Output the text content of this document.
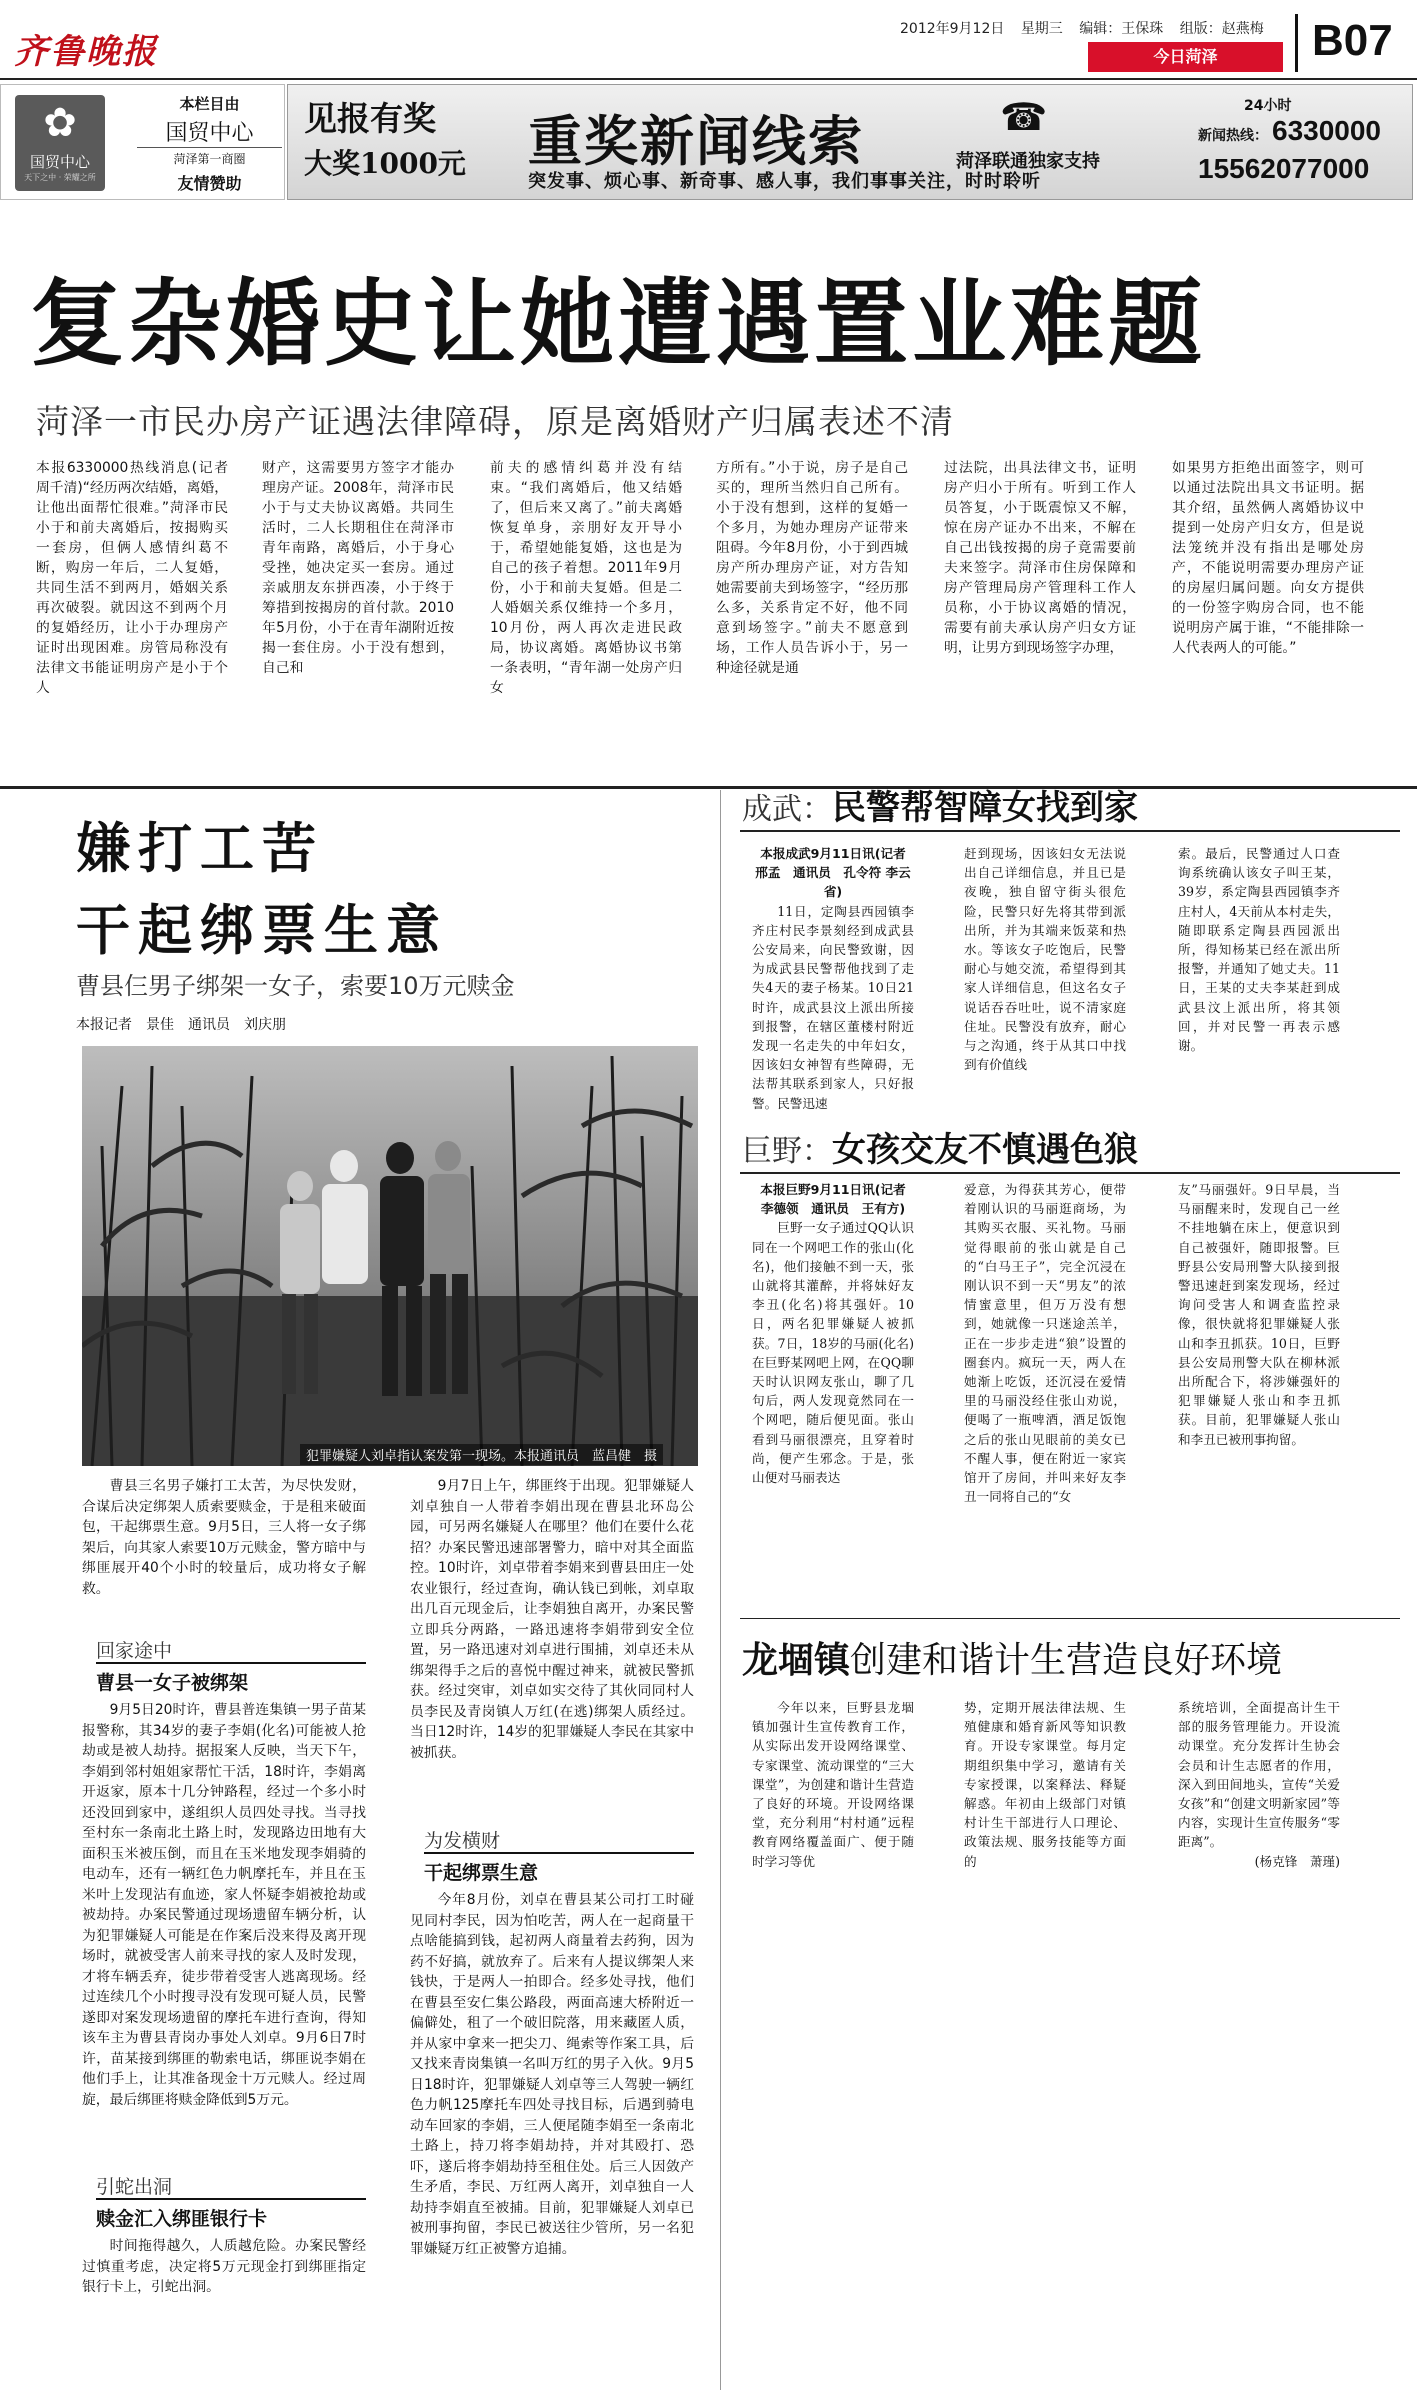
齐鲁晚报
2012年9月12日 星期三 编辑：王保珠 组版：赵燕梅
今日菏泽	B07
✿
国贸中心
天下之中 · 荣耀之所
本栏目由
国贸中心
菏泽第一商圈
友情赞助
见报有奖
大奖1000元	重奖新闻线索
突发事、烦心事、新奇事、感人事，我们事事关注，时时聆听
☎
菏泽联通独家支持
24小时
新闻热线： 6330000
15562077000
复杂婚史让她遭遇置业难题
菏泽一市民办房产证遇法律障碍，原是离婚财产归属表述不清
本报6330000热线消息(记者 周千清)“经历两次结婚，离婚，让他出面帮忙很难。”菏泽市民小于和前夫离婚后，按揭购买一套房，但俩人感情纠葛不断，购房一年后，二人复婚，共同生活不到两月，婚姻关系再次破裂。就因这不到两个月的复婚经历，让小于办理房产证时出现困难。房管局称没有法律文书能证明房产是小于个人
财产，这需要男方签字才能办理房产证。2008年，菏泽市民小于与丈夫协议离婚。共同生活时，二人长期租住在菏泽市青年南路，离婚后，小于身心受挫，她决定买一套房。通过亲戚朋友东拼西凑，小于终于筹措到按揭房的首付款。2010年5月份，小于在青年湖附近按揭一套住房。小于没有想到，自己和
前夫的感情纠葛并没有结束。“我们离婚后，他又结婚了，但后来又离了。”前夫离婚恢复单身，亲朋好友开导小于，希望她能复婚，这也是为自己的孩子着想。2011年9月份，小于和前夫复婚。但是二人婚姻关系仅维持一个多月，10月份，两人再次走进民政局，协议离婚。离婚协议书第一条表明，“青年湖一处房产归女
方所有。”小于说，房子是自己买的，理所当然归自己所有。小于没有想到，这样的复婚一个多月，为她办理房产证带来阻碍。今年8月份，小于到西城房产所办理房产证，对方告知她需要前夫到场签字，“经历那么多，关系肯定不好，他不同意到场签字。”前夫不愿意到场，工作人员告诉小于，另一种途径就是通
过法院，出具法律文书，证明房产归小于所有。听到工作人员答复，小于既震惊又不解，惊在房产证办不出来，不解在自己出钱按揭的房子竟需要前夫来签字。菏泽市住房保障和房产管理局房产管理科工作人员称，小于协议离婚的情况，需要有前夫承认房产归女方证明，让男方到现场签字办理，
如果男方拒绝出面签字，则可以通过法院出具文书证明。据其介绍，虽然俩人离婚协议中提到一处房产归女方，但是说法笼统并没有指出是哪处房产，不能说明需要办理房产证的房屋归属问题。向女方提供的一份签字购房合同，也不能说明房产属于谁，“不能排除一人代表两人的可能。”
嫌打工苦
干起绑票生意
曹县仨男子绑架一女子，索要10万元赎金
本报记者　景佳　通讯员　刘庆朋
犯罪嫌疑人刘卓指认案发第一现场。本报通讯员　蓝昌健　摄

曹县三名男子嫌打工太苦，为尽快发财，合谋后决定绑架人质索要赎金，于是租来破面包，干起绑票生意。9月5日，三人将一女子绑架后，向其家人索要10万元赎金，警方暗中与绑匪展开40个小时的较量后，成功将女子解救。

回家途中
曹县一女子被绑架

9月5日20时许，曹县普连集镇一男子苗某报警称，其34岁的妻子李娟(化名)可能被人抢劫或是被人劫持。据报案人反映，当天下午，李娟到邻村姐姐家帮忙干活，18时许，李娟离开返家，原本十几分钟路程，经过一个多小时还没回到家中，遂组织人员四处寻找。当寻找至村东一条南北土路上时，发现路边田地有大面积玉米被压倒，而且在玉米地发现李娟骑的电动车，还有一辆红色力帆摩托车，并且在玉米叶上发现沾有血迹，家人怀疑李娟被抢劫或被劫持。办案民警通过现场遗留车辆分析，认为犯罪嫌疑人可能是在作案后没来得及离开现场时，就被受害人前来寻找的家人及时发现，才将车辆丢弃，徒步带着受害人逃离现场。经过连续几个小时搜寻没有发现可疑人员，民警遂即对案发现场遗留的摩托车进行查询，得知该车主为曹县青岗办事处人刘卓。9月6日7时许，苗某接到绑匪的勒索电话，绑匪说李娟在他们手上，让其准备现金十万元赎人。经过周旋，最后绑匪将赎金降低到5万元。

引蛇出洞
赎金汇入绑匪银行卡

时间拖得越久，人质越危险。办案民警经过慎重考虑，决定将5万元现金打到绑匪指定银行卡上，引蛇出洞。

9月7日上午，绑匪终于出现。犯罪嫌疑人刘卓独自一人带着李娟出现在曹县北环岛公园，可另两名嫌疑人在哪里？他们在要什么花招？办案民警迅速部署警力，暗中对其全面监控。10时许，刘卓带着李娟来到曹县田庄一处农业银行，经过查询，确认钱已到帐，刘卓取出几百元现金后，让李娟独自离开，办案民警立即兵分两路，一路迅速将李娟带到安全位置，另一路迅速对刘卓进行围捕，刘卓还未从绑架得手之后的喜悦中醒过神来，就被民警抓获。经过突审，刘卓如实交待了其伙同同村人员李民及青岗镇人万红(在逃)绑架人质经过。当日12时许，14岁的犯罪嫌疑人李民在其家中被抓获。

为发横财
干起绑票生意

今年8月份，刘卓在曹县某公司打工时碰见同村李民，因为怕吃苦，两人在一起商量干点啥能搞到钱，起初两人商量着去药狗，因为药不好搞，就放弃了。后来有人提议绑架人来钱快，于是两人一拍即合。经多处寻找，他们在曹县至安仁集公路段，两面高速大桥附近一偏僻处，租了一个破旧院落，用来藏匿人质，并从家中拿来一把尖刀、绳索等作案工具，后又找来青岗集镇一名叫万红的男子入伙。9月5日18时许，犯罪嫌疑人刘卓等三人驾驶一辆红色力帆125摩托车四处寻找目标，后遇到骑电动车回家的李娟，三人便尾随李娟至一条南北土路上，持刀将李娟劫持，并对其殴打、恐吓，遂后将李娟劫持至租住处。后三人因敛产生矛盾，李民、万红两人离开，刘卓独自一人劫持李娟直至被捕。目前，犯罪嫌疑人刘卓已被刑事拘留，李民已被送往少管所，另一名犯罪嫌疑万红正被警方追捕。

成武：民警帮智障女找到家
本报成武9月11日讯(记者 邢孟　通讯员　孔令符 李云省)

11日，定陶县西园镇李齐庄村民李景刻经到成武县公安局来，向民警致谢，因为成武县民警帮他找到了走失4天的妻子杨某。10日21时许，成武县汶上派出所接到报警，在辖区董楼村附近发现一名走失的中年妇女，因该妇女神智有些障碍，无法帮其联系到家人，只好报警。民警迅速

赶到现场，因该妇女无法说出自己详细信息，并且已是夜晚，独自留守街头很危险，民警只好先将其带到派出所，并为其端来饭菜和热水。等该女子吃饱后，民警耐心与她交流，希望得到其家人详细信息，但这名女子说话吞吞吐吐，说不清家庭住址。民警没有放弃，耐心与之沟通，终于从其口中找到有价值线

索。最后，民警通过人口查询系统确认该女子叫王某，39岁，系定陶县西园镇李齐庄村人，4天前从本村走失，随即联系定陶县西园派出所，得知杨某已经在派出所报警，并通知了她丈夫。11日，王某的丈夫李某赶到成武县汶上派出所，将其领回，并对民警一再表示感谢。

巨野：女孩交友不慎遇色狼
本报巨野9月11日讯(记者 李德领　通讯员　王有方)

巨野一女子通过QQ认识同在一个网吧工作的张山(化名)，他们接触不到一天，张山就将其灌醉，并将妹好友李丑(化名)将其强奸。10日，两名犯罪嫌疑人被抓获。7日，18岁的马丽(化名)在巨野某网吧上网，在QQ聊天时认识网友张山，聊了几句后，两人发现竟然同在一个网吧，随后便见面。张山看到马丽很漂亮，且穿着时尚，便产生邪念。于是，张山便对马丽表达

爱意，为得获其芳心，便带着刚认识的马丽逛商场，为其购买衣服、买礼物。马丽觉得眼前的张山就是自己的“白马王子”，完全沉浸在刚认识不到一天“男友”的浓情蜜意里，但万万没有想到，她就像一只迷途羔羊，正在一步步走进“狼”设置的圈套内。疯玩一天，两人在她渐上吃饭，还沉浸在爱情里的马丽没经住张山劝说，便喝了一瓶啤酒，酒足饭饱之后的张山见眼前的美女已不醒人事，便在附近一家宾馆开了房间，并叫来好友李丑一同将自己的“女

友”马丽强奸。9日早晨，当马丽醒来时，发现自己一丝不挂地躺在床上，便意识到自己被强奸，随即报警。巨野县公安局刑警大队接到报警迅速赶到案发现场，经过询问受害人和调查监控录像，很快就将犯罪嫌疑人张山和李丑抓获。10日，巨野县公安局刑警大队在柳林派出所配合下，将涉嫌强奸的犯罪嫌疑人张山和李丑抓获。目前，犯罪嫌疑人张山和李丑已被刑事拘留。

龙堌镇创建和谐计生营造良好环境

今年以来，巨野县龙堌镇加强计生宣传教育工作，从实际出发开设网络课堂、专家课堂、流动课堂的“三大课堂”，为创建和谐计生营造了良好的环境。开设网络课堂，充分利用“村村通”远程教育网络覆盖面广、便于随时学习等优

势，定期开展法律法规、生殖健康和婚育新风等知识教育。开设专家课堂。每月定期组织集中学习，邀请有关专家授课，以案释法、释疑解惑。年初由上级部门对镇村计生干部进行人口理论、政策法规、服务技能等方面的

系统培训，全面提高计生干部的服务管理能力。开设流动课堂。充分发挥计生协会会员和计生志愿者的作用，深入到田间地头，宣传“关爱女孩”和“创建文明新家园”等内容，实现计生宣传服务“零距离”。

(杨克锋　萧瑾)
